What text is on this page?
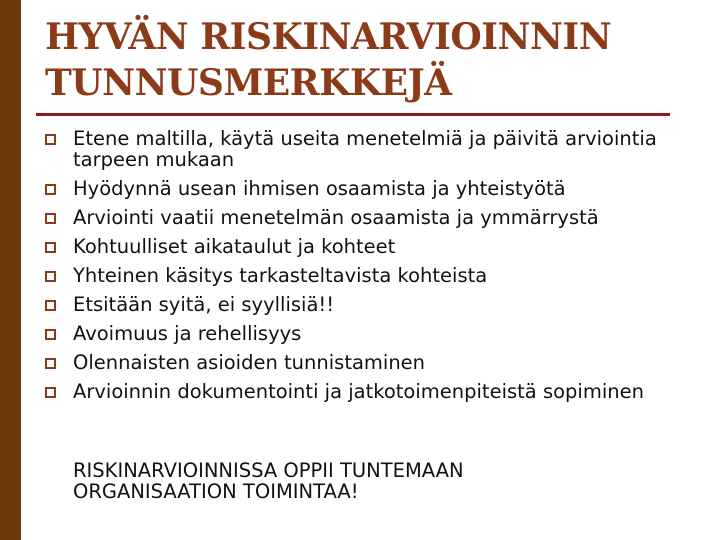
HYVÄN RISKINARVIOINNIN
TUNNUSMERKKEJÄ
Etene maltilla, käytä useita menetelmiä ja päivitä arviointia tarpeen mukaan
Hyödynnä usean ihmisen osaamista ja yhteistyötä
Arviointi vaatii menetelmän osaamista ja ymmärrystä
Kohtuulliset aikataulut ja kohteet
Yhteinen käsitys tarkasteltavista kohteista
Etsitään syitä, ei syyllisiä!!
Avoimuus ja rehellisyys
Olennaisten asioiden tunnistaminen
Arvioinnin dokumentointi ja jatkotoimenpiteistä sopiminen
RISKINARVIOINNISSA OPPII TUNTEMAAN
ORGANISAATION TOIMINTAA!
